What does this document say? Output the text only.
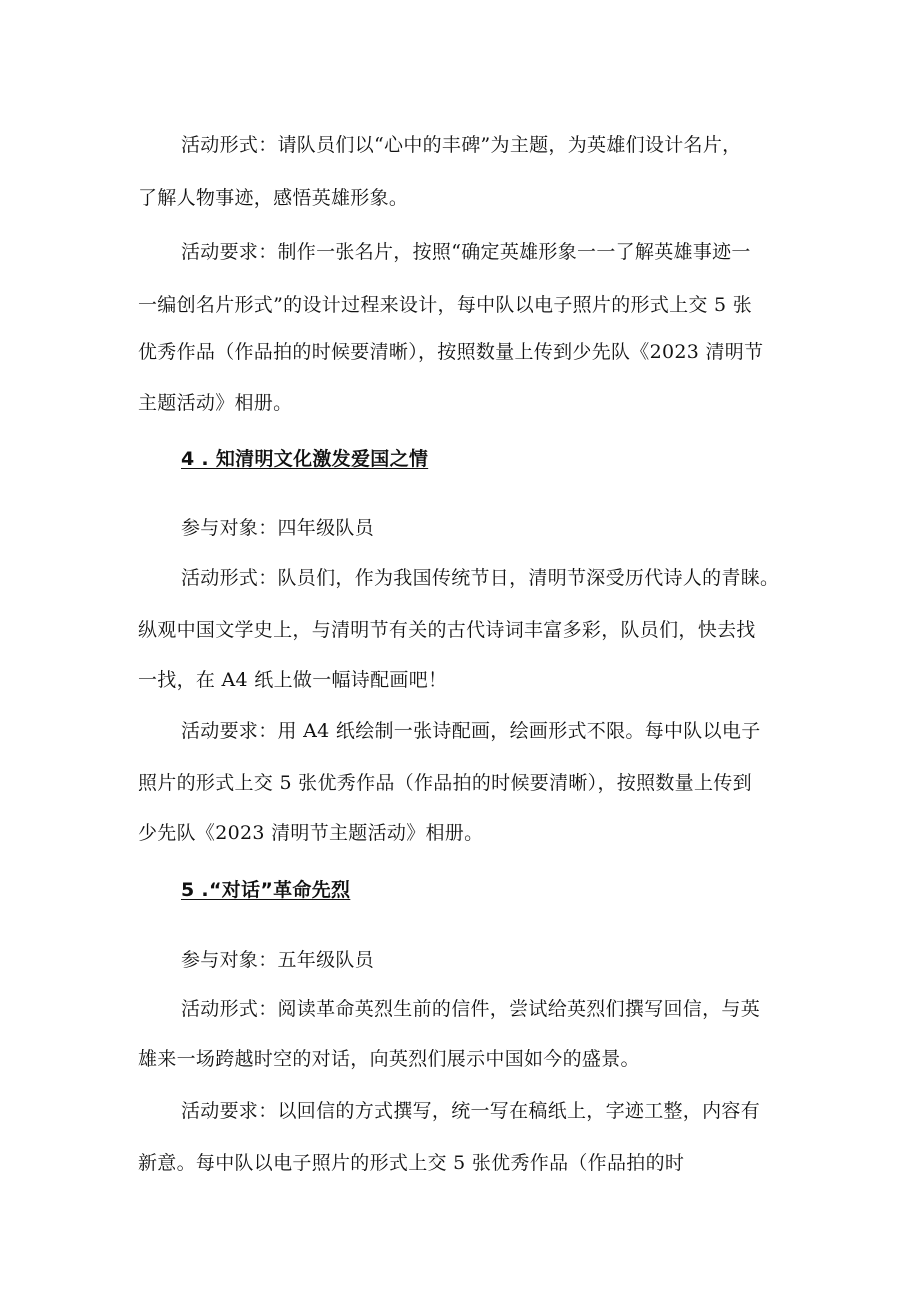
活动形式：请队员们以“心中的丰碑”为主题，为英雄们设计名片，
了解人物事迹，感悟英雄形象。
活动要求：制作一张名片，按照“确定英雄形象一一了解英雄事迹一
一编创名片形式”的设计过程来设计，每中队以电子照片的形式上交 5 张
优秀作品（作品拍的时候要清晰），按照数量上传到少先队《2023 清明节
主题活动》相册。
4 . 知清明文化激发爱国之情
参与对象：四年级队员
活动形式：队员们，作为我国传统节日，清明节深受历代诗人的青睐。
纵观中国文学史上，与清明节有关的古代诗词丰富多彩，队员们，快去找
一找，在 A4 纸上做一幅诗配画吧！
活动要求：用 A4 纸绘制一张诗配画，绘画形式不限。每中队以电子
照片的形式上交 5 张优秀作品（作品拍的时候要清晰），按照数量上传到
少先队《2023 清明节主题活动》相册。
5 .“对话”革命先烈
参与对象：五年级队员
活动形式：阅读革命英烈生前的信件，尝试给英烈们撰写回信，与英
雄来一场跨越时空的对话，向英烈们展示中国如今的盛景。
活动要求：以回信的方式撰写，统一写在稿纸上，字迹工整，内容有
新意。每中队以电子照片的形式上交 5 张优秀作品（作品拍的时
